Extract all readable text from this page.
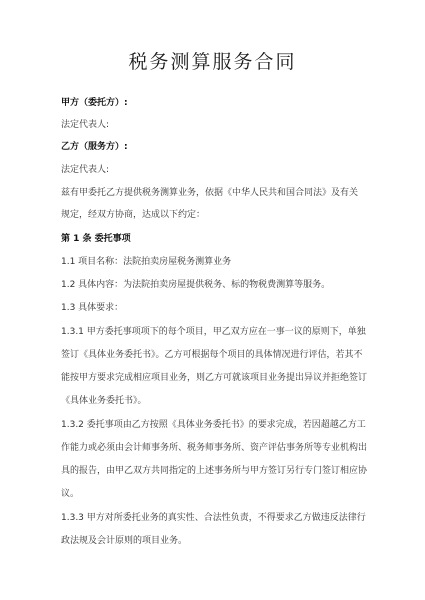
税务测算服务合同
甲方（委托方）:
法定代表人:
乙方（服务方）:
法定代表人:
兹有甲委托乙方提供税务测算业务，依据《中华人民共和国合同法》及有关
规定，经双方协商，达成以下约定：
第 1 条 委托事项
1.1 项目名称：法院拍卖房屋税务测算业务
1.2 具体内容：为法院拍卖房屋提供税务、标的物税费测算等服务。
1.3 具体要求：
1.3.1 甲方委托事项项下的每个项目，甲乙双方应在一事一议的原则下，单独
签订《具体业务委托书》。乙方可根据每个项目的具体情况进行评估，若其不
能按甲方要求完成相应项目业务，则乙方可就该项目业务提出异议并拒绝签订
《具体业务委托书》。
1.3.2 委托事项由乙方按照《具体业务委托书》的要求完成，若因超越乙方工
作能力或必须由会计师事务所、税务师事务所、资产评估事务所等专业机构出
具的报告，由甲乙双方共同指定的上述事务所与甲方签订另行专门签订相应协
议。
1.3.3 甲方对所委托业务的真实性、合法性负责，不得要求乙方做违反法律行
政法规及会计原则的项目业务。
